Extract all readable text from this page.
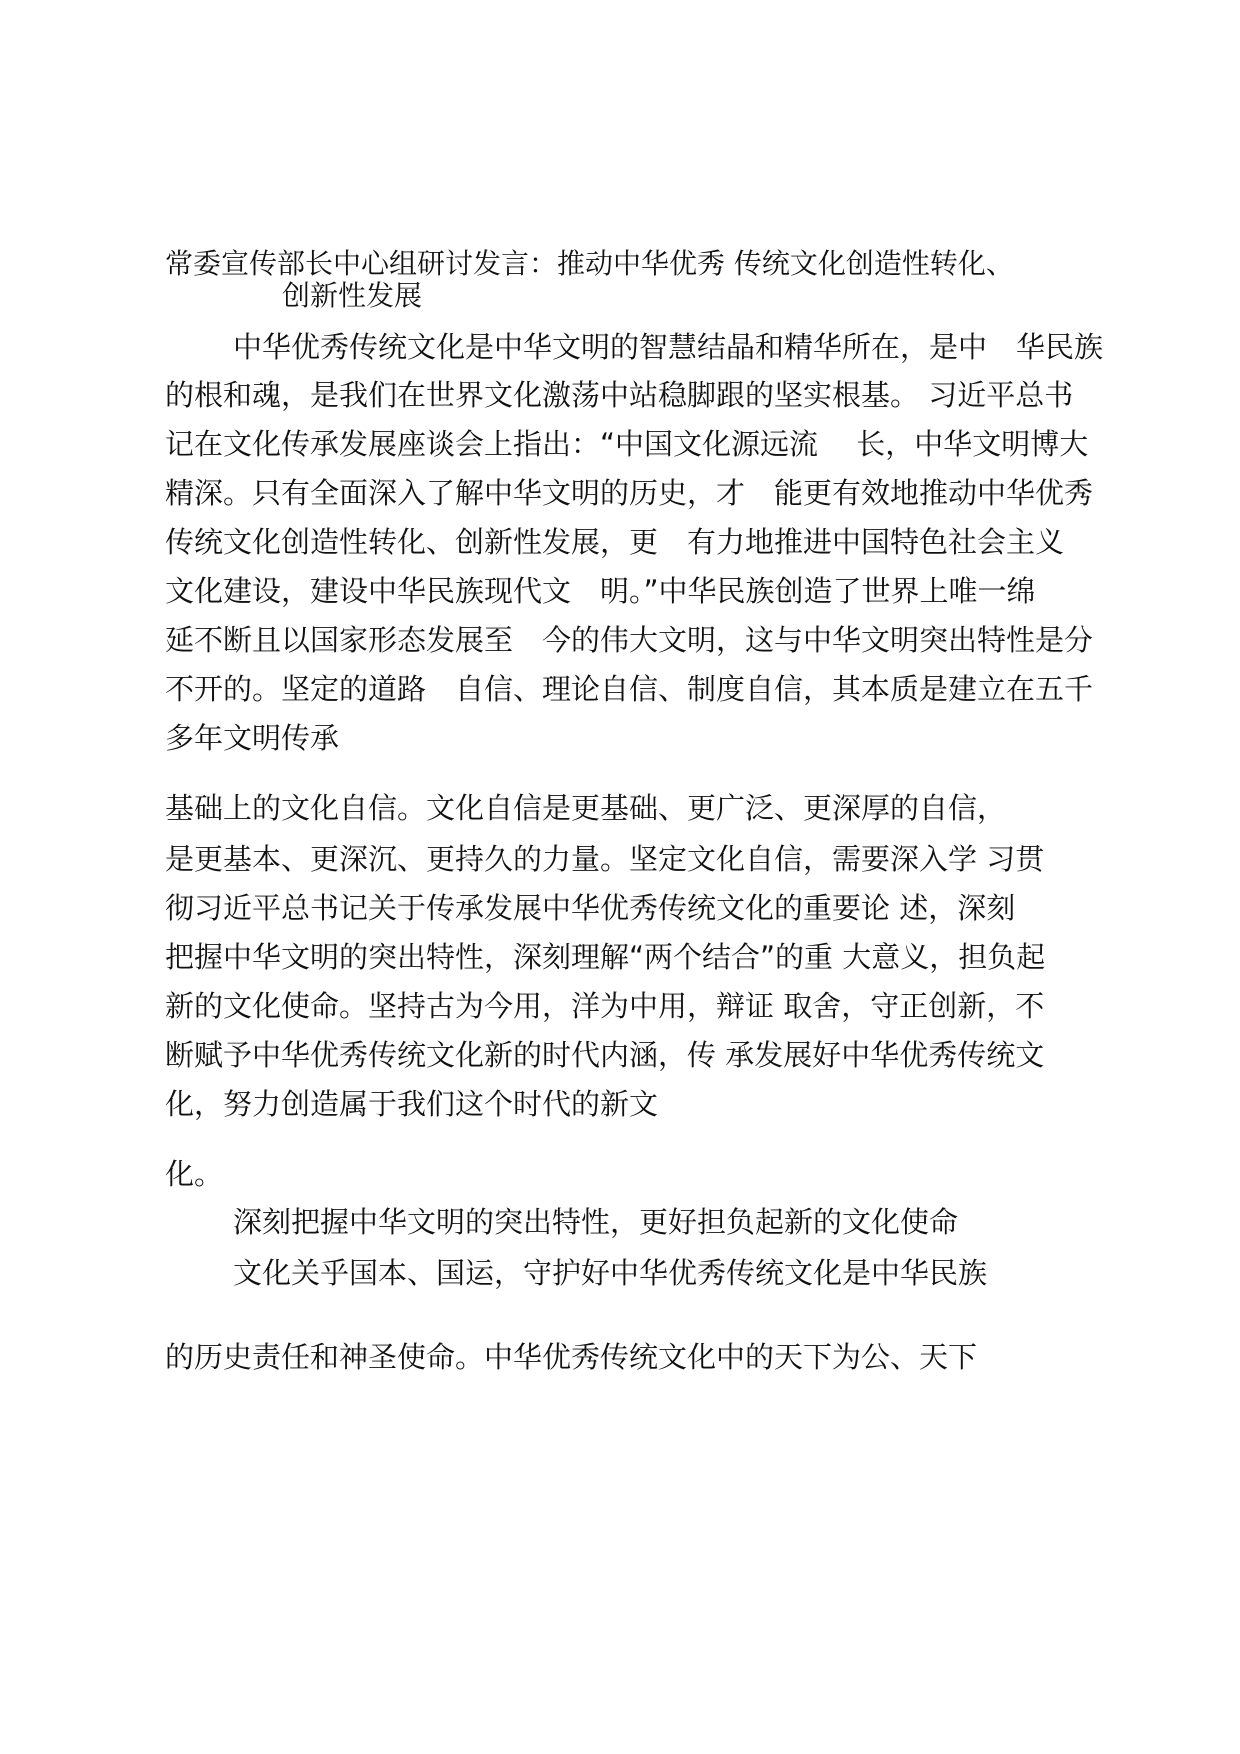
常委宣传部长中心组研讨发言：推动中华优秀 传统文化创造性转化、
创新性发展

中华优秀传统文化是中华文明的智慧结晶和精华所在，是中　华民族

的根和魂，是我们在世界文化激荡中站稳脚跟的坚实根基。 习近平总书

记在文化传承发展座谈会上指出：“中国文化源远流　 长，中华文明博大

精深。只有全面深入了解中华文明的历史，才　能更有效地推动中华优秀

传统文化创造性转化、创新性发展，更　有力地推进中国特色社会主义

文化建设，建设中华民族现代文　明。”中华民族创造了世界上唯一绵

延不断且以国家形态发展至　今的伟大文明，这与中华文明突出特性是分

不开的。坚定的道路　自信、理论自信、制度自信，其本质是建立在五千

多年文明传承

基础上的文化自信。文化自信是更基础、更广泛、更深厚的自信，

是更基本、更深沉、更持久的力量。坚定文化自信，需要深入学 习贯

彻习近平总书记关于传承发展中华优秀传统文化的重要论 述，深刻

把握中华文明的突出特性，深刻理解“两个结合”的重 大意义，担负起

新的文化使命。坚持古为今用，洋为中用，辩证 取舍，守正创新，不

断赋予中华优秀传统文化新的时代内涵，传 承发展好中华优秀传统文

化，努力创造属于我们这个时代的新文

化。

深刻把握中华文明的突出特性，更好担负起新的文化使命

文化关乎国本、国运，守护好中华优秀传统文化是中华民族

的历史责任和神圣使命。中华优秀传统文化中的天下为公、天下
